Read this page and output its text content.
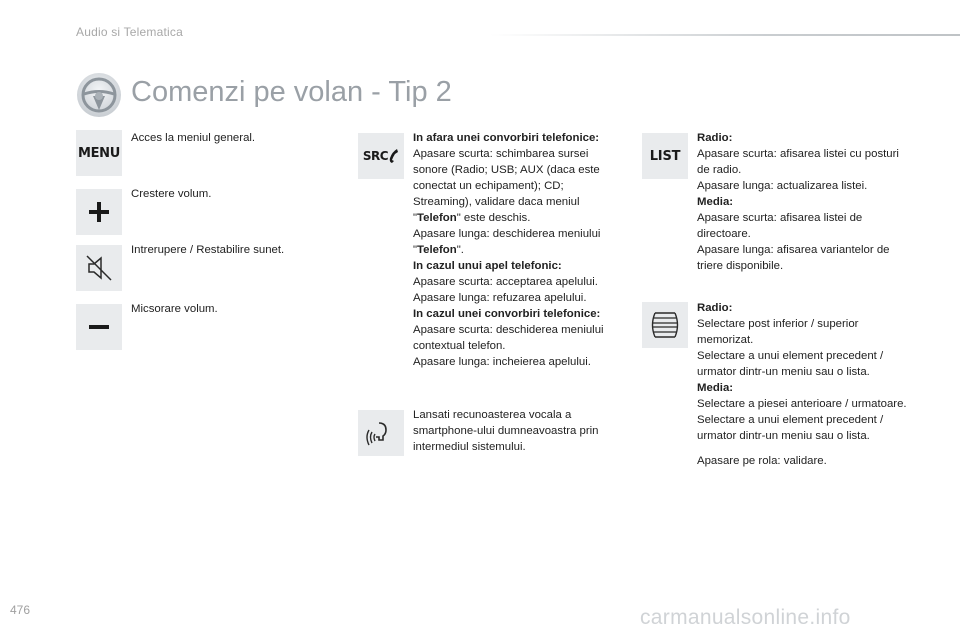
Audio si Telematica
Comenzi pe volan - Tip 2
MENU
Acces la meniul general.
Crestere volum.
Intrerupere / Restabilire sunet.
Micsorare volum.
SRC
In afara unei convorbiri telefonice:
Apasare scurta: schimbarea sursei sonore (Radio; USB; AUX (daca este conectat un echipament); CD; Streaming), validare daca meniul "Telefon" este deschis.
Apasare lunga: deschiderea meniului "Telefon".
In cazul unui apel telefonic:
Apasare scurta: acceptarea apelului.
Apasare lunga: refuzarea apelului.
In cazul unei convorbiri telefonice:
Apasare scurta: deschiderea meniului contextual telefon.
Apasare lunga: incheierea apelului.
Lansati recunoasterea vocala a smartphone-ului dumneavoastra prin intermediul sistemului.
LIST
Radio:
Apasare scurta: afisarea listei cu posturi de radio.
Apasare lunga: actualizarea listei.
Media:
Apasare scurta: afisarea listei de directoare.
Apasare lunga: afisarea variantelor de triere disponibile.
Radio:
Selectare post inferior / superior memorizat.
Selectare a unui element precedent / urmator dintr-un meniu sau o lista.
Media:
Selectare a piesei anterioare / urmatoare.
Selectare a unui element precedent / urmator dintr-un meniu sau o lista.
Apasare pe rola: validare.
476	carmanualsonline.info
